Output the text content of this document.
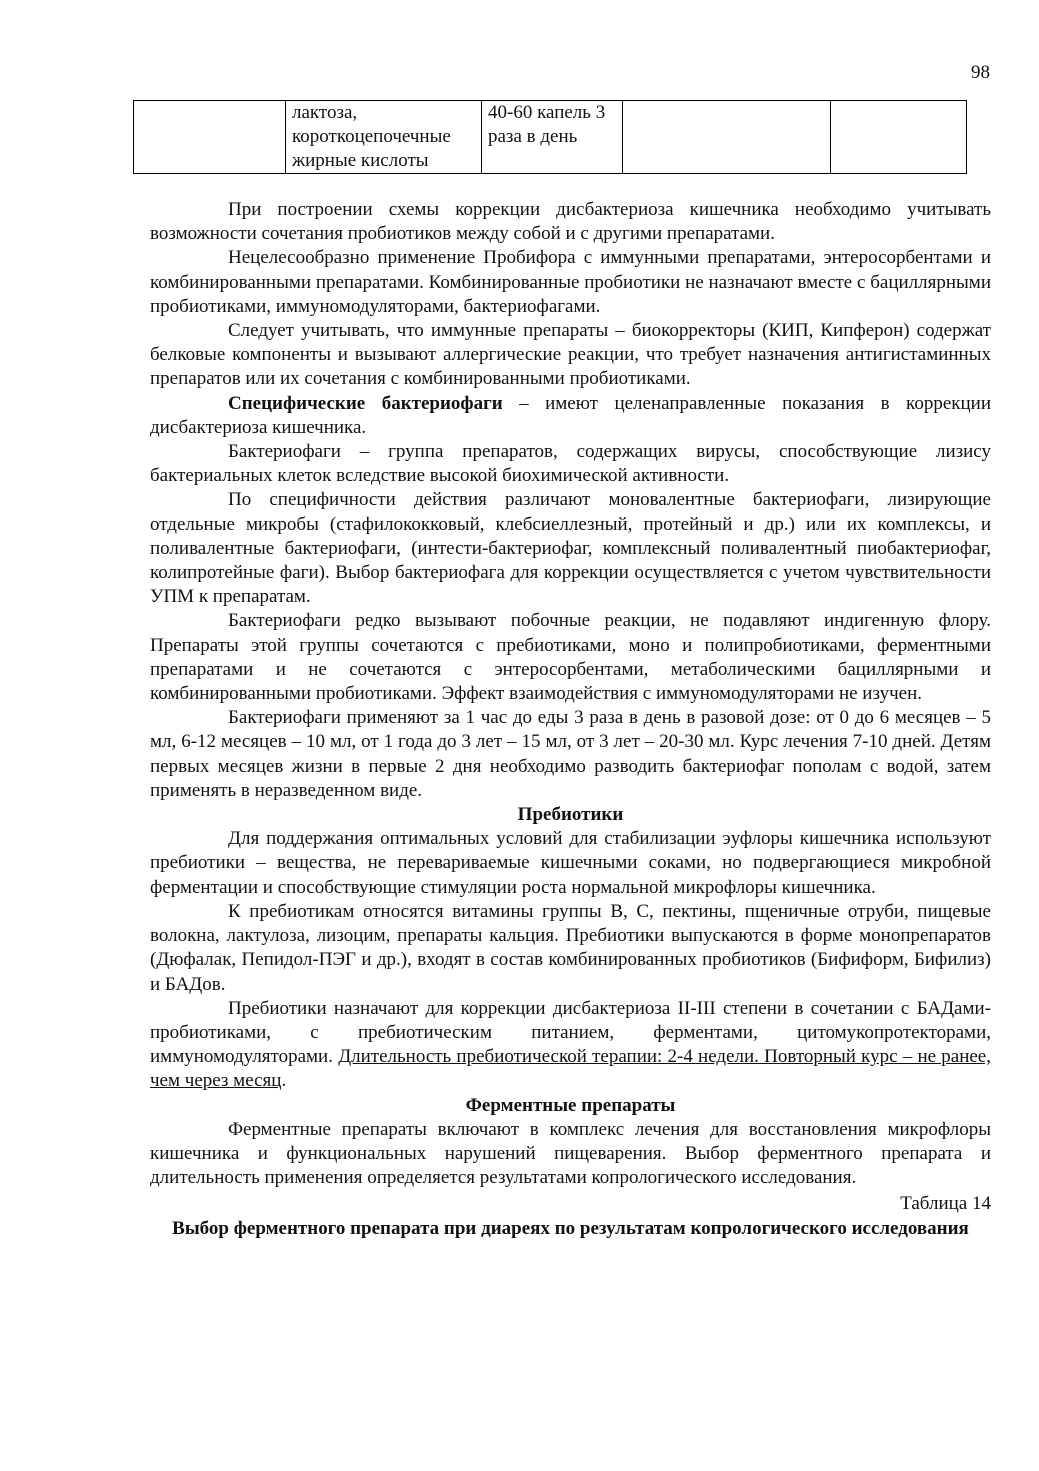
98
	лактоза, короткоцепочечные жирные кислоты	40-60 капель 3 раза в день		

При построении схемы коррекции дисбактериоза кишечника необходимо учитывать возможности сочетания пробиотиков между собой и с другими препаратами.

Нецелесообразно применение Пробифора с иммунными препаратами, энтеросорбентами и комбинированными препаратами. Комбинированные пробиотики не назначают вместе с бациллярными пробиотиками, иммуномодуляторами, бактериофагами.

Следует учитывать, что иммунные препараты – биокорректоры (КИП, Кипферон) содержат белковые компоненты и вызывают аллергические реакции, что требует назначения антигистаминных препаратов или их сочетания с комбинированными пробиотиками.

Специфические бактериофаги – имеют целенаправленные показания в коррекции дисбактериоза кишечника.

Бактериофаги – группа препаратов, содержащих вирусы, способствующие лизису бактериальных клеток вследствие высокой биохимической активности.

По специфичности действия различают моновалентные бактериофаги, лизирующие отдельные микробы (стафилококковый, клебсиеллезный, протейный и др.) или их комплексы, и поливалентные бактериофаги, (интести-бактериофаг, комплексный поливалентный пиобактериофаг, колипротейные фаги). Выбор бактериофага для коррекции осуществляется с учетом чувствительности УПМ к препаратам.

Бактериофаги редко вызывают побочные реакции, не подавляют индигенную флору. Препараты этой группы сочетаются с пребиотиками, моно и полипробиотиками, ферментными препаратами и не сочетаются с энтеросорбентами, метаболическими бациллярными и комбинированными пробиотиками. Эффект взаимодействия с иммуномодуляторами не изучен.

Бактериофаги применяют за 1 час до еды 3 раза в день в разовой дозе: от 0 до 6 месяцев – 5 мл, 6-12 месяцев – 10 мл, от 1 года до 3 лет – 15 мл, от 3 лет – 20-30 мл. Курс лечения 7-10 дней. Детям первых месяцев жизни в первые 2 дня необходимо разводить бактериофаг пополам с водой, затем применять в неразведенном виде.

Пребиотики

Для поддержания оптимальных условий для стабилизации эуфлоры кишечника используют пребиотики – вещества, не перевариваемые кишечными соками, но подвергающиеся микробной ферментации и способствующие стимуляции роста нормальной микрофлоры кишечника.

К пребиотикам относятся витамины группы В, С, пектины, пщеничные отруби, пищевые волокна, лактулоза, лизоцим, препараты кальция. Пребиотики выпускаются в форме монопрепаратов (Дюфалак, Пепидол-ПЭГ и др.), входят в состав комбинированных пробиотиков (Бифиформ, Бифилиз) и БАДов.

Пребиотики назначают для коррекции дисбактериоза II-III степени в сочетании с БАДами-пробиотиками, с пребиотическим питанием, ферментами, цитомукопротекторами, иммуномодуляторами. Длительность пребиотической терапии: 2-4 недели. Повторный курс – не ранее, чем через месяц.

Ферментные препараты

Ферментные препараты включают в комплекс лечения для восстановления микрофлоры кишечника и функциональных нарушений пищеварения. Выбор ферментного препарата и длительность применения определяется результатами копрологического исследования.

Таблица 14

Выбор ферментного препарата при диареях по результатам копрологического исследования
